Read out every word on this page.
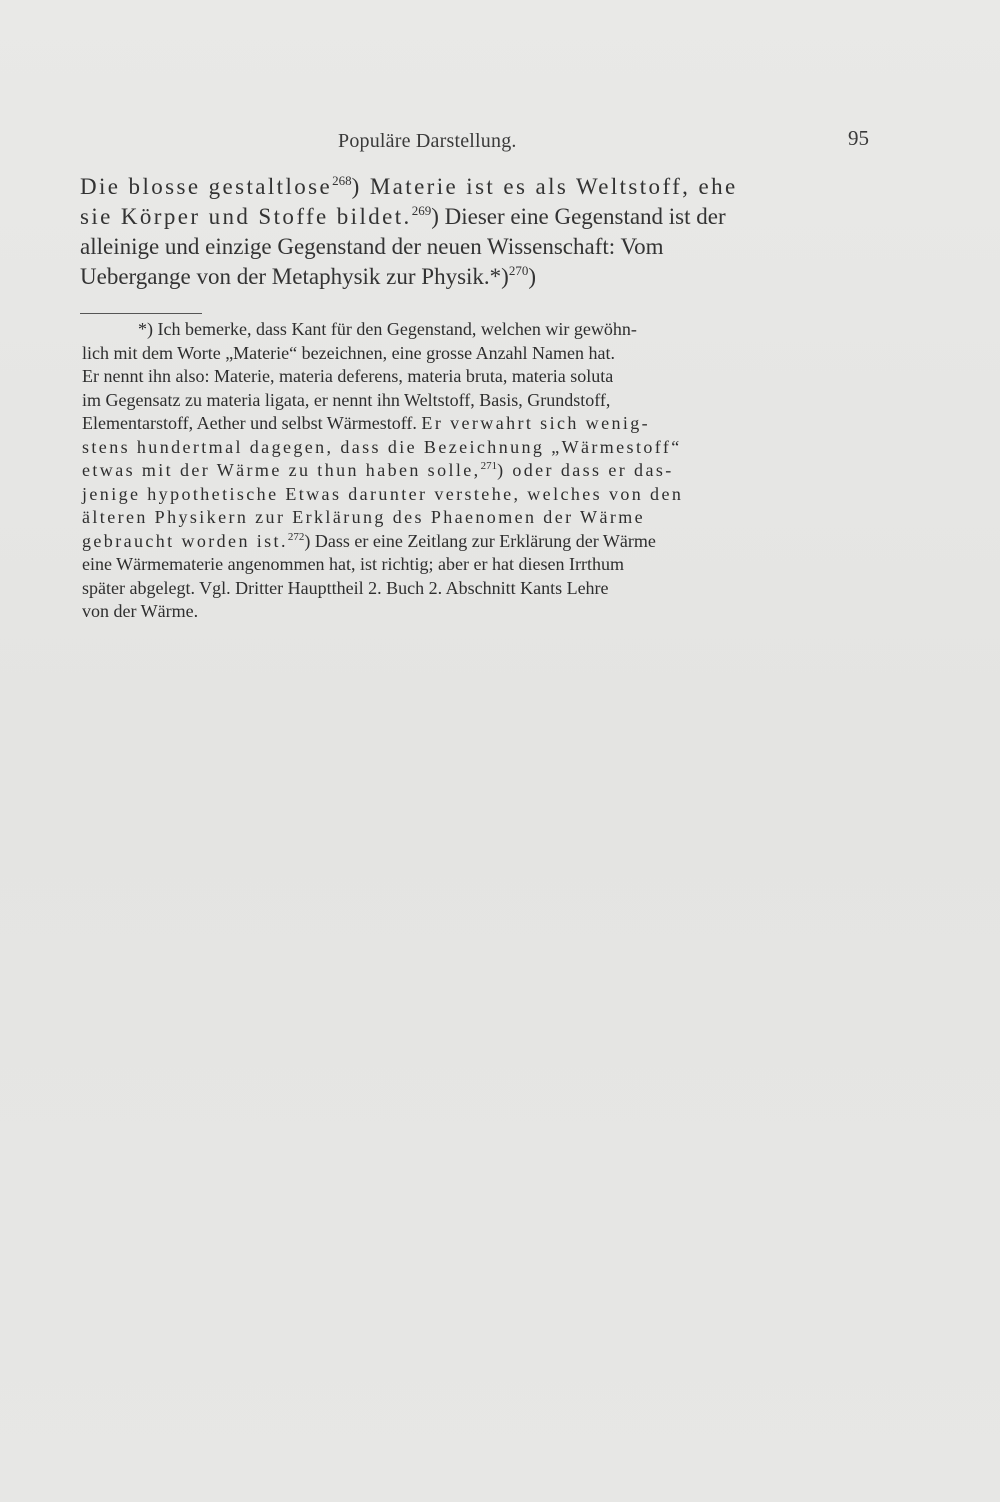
Populäre Darstellung.	95
Die blosse gestaltlose$^{268}$) Materie ist es als Weltstoff, ehe
sie Körper und Stoffe bildet.$^{269}$) Dieser eine Gegenstand ist der
alleinige und einzige Gegenstand der neuen Wissenschaft: Vom
Uebergange von der Metaphysik zur Physik.*)$^{270}$)
*) Ich bemerke, dass Kant für den Gegenstand, welchen wir gewöhn-
lich mit dem Worte „Materie“ bezeichnen, eine grosse Anzahl Namen hat.
Er nennt ihn also: Materie, materia deferens, materia bruta, materia soluta
im Gegensatz zu materia ligata, er nennt ihn Weltstoff, Basis, Grundstoff,
Elementarstoff, Aether und selbst Wärmestoff. Er verwahrt sich wenig-
stens hundertmal dagegen, dass die Bezeichnung „Wärmestoff“
etwas mit der Wärme zu thun haben solle,$^{271}$) oder dass er das-
jenige hypothetische Etwas darunter verstehe, welches von den
älteren Physikern zur Erklärung des Phaenomen der Wärme
gebraucht worden ist.$^{272}$) Dass er eine Zeitlang zur Erklärung der Wärme
eine Wärmematerie angenommen hat, ist richtig; aber er hat diesen Irrthum
später abgelegt. Vgl. Dritter Haupttheil 2. Buch 2. Abschnitt Kants Lehre
von der Wärme.
